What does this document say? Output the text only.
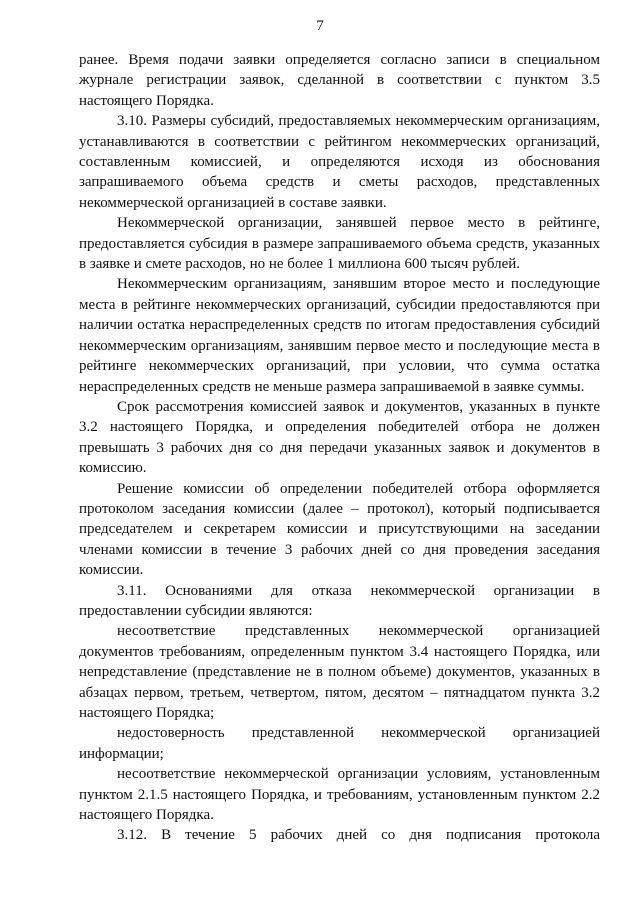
7

ранее. Время подачи заявки определяется согласно записи в специальном журнале регистрации заявок, сделанной в соответствии с пунктом 3.5 настоящего Порядка.

3.10. Размеры субсидий, предоставляемых некоммерческим организациям, устанавливаются в соответствии с рейтингом некоммерческих организаций, составленным комиссией, и определяются исходя из обоснования запрашиваемого объема средств и сметы расходов, представленных некоммерческой организацией в составе заявки.

Некоммерческой организации, занявшей первое место в рейтинге, предоставляется субсидия в размере запрашиваемого объема средств, указанных в заявке и смете расходов, но не более 1 миллиона 600 тысяч рублей.

Некоммерческим организациям, занявшим второе место и последующие места в рейтинге некоммерческих организаций, субсидии предоставляются при наличии остатка нераспределенных средств по итогам предоставления субсидий некоммерческим организациям, занявшим первое место и последующие места в рейтинге некоммерческих организаций, при условии, что сумма остатка нераспределенных средств не меньше размера запрашиваемой в заявке суммы.

Срок рассмотрения комиссией заявок и документов, указанных в пункте 3.2 настоящего Порядка, и определения победителей отбора не должен превышать 3 рабочих дня со дня передачи указанных заявок и документов в комиссию.

Решение комиссии об определении победителей отбора оформляется протоколом заседания комиссии (далее – протокол), который подписывается председателем и секретарем комиссии и присутствующими на заседании членами комиссии в течение 3 рабочих дней со дня проведения заседания комиссии.

3.11. Основаниями для отказа некоммерческой организации в предоставлении субсидии являются:

несоответствие представленных некоммерческой организацией документов требованиям, определенным пунктом 3.4 настоящего Порядка, или непредставление (представление не в полном объеме) документов, указанных в абзацах первом, третьем, четвертом, пятом, десятом – пятнадцатом пункта 3.2 настоящего Порядка;

недостоверность представленной некоммерческой организацией информации;

несоответствие некоммерческой организации условиям, установленным пунктом 2.1.5 настоящего Порядка, и требованиям, установленным пунктом 2.2 настоящего Порядка.

3.12. В течение 5 рабочих дней со дня подписания протокола
